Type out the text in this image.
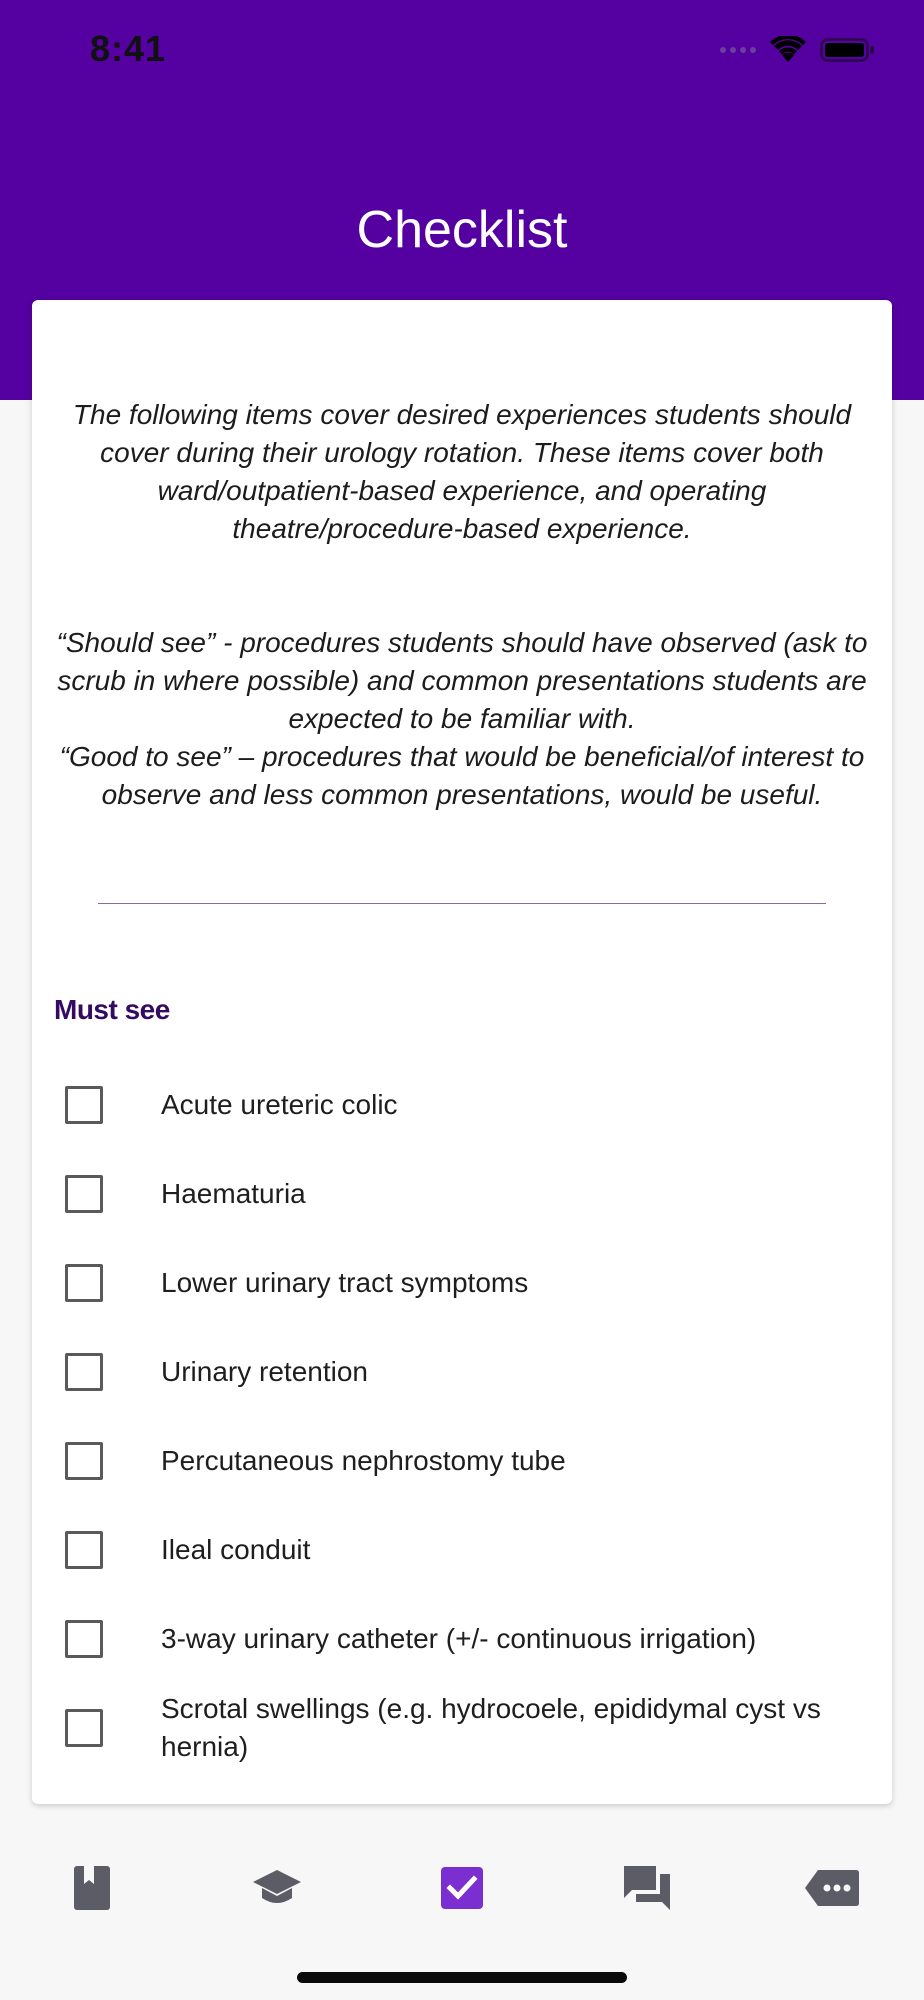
8:41
Checklist
The following items cover desired experiences students should cover during their urology rotation. These items cover both ward/outpatient-based experience, and operating theatre/procedure-based experience.
“Should see” - procedures students should have observed (ask to scrub in where possible) and common presentations students are expected to be familiar with.
“Good to see” – procedures that would be beneficial/of interest to observe and less common presentations, would be useful.
Must see
Acute ureteric colic
Haematuria
Lower urinary tract symptoms
Urinary retention
Percutaneous nephrostomy tube
Ileal conduit
3-way urinary catheter (+/- continuous irrigation)
Scrotal swellings (e.g. hydrocoele, epididymal cyst vs hernia)
